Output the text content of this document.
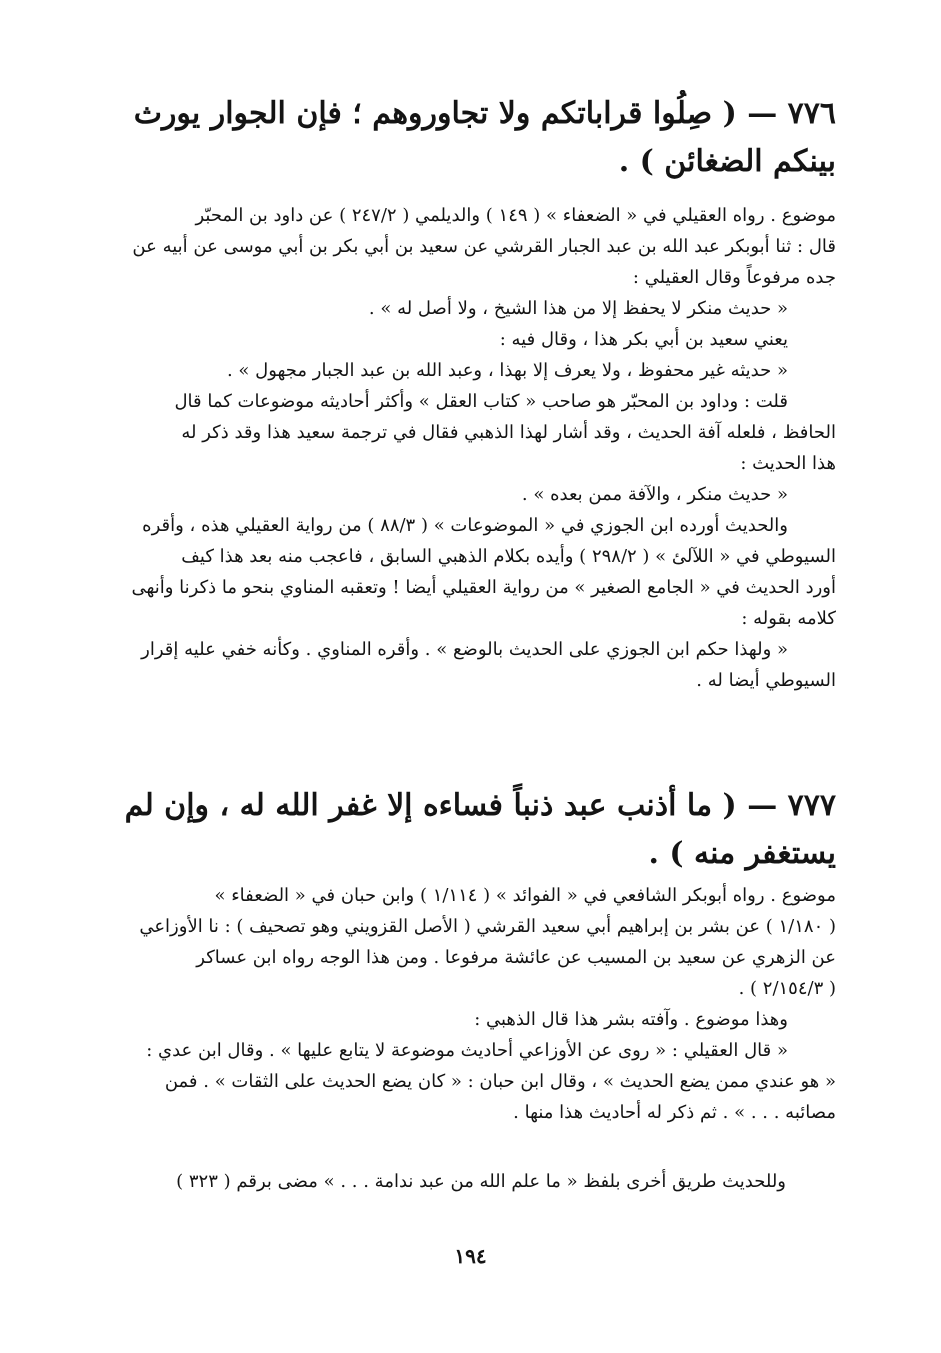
٧٧٦ — ( صِلُوا قراباتكم ولا تجاوروهم ؛ فإن الجوار يورث
بينكم الضغائن ) .
موضوع . رواه العقيلي في « الضعفاء » ( ١٤٩ ) والديلمي ( ٢٤٧/٢ ) عن داود بن المحبّر
قال : ثنا أبوبكر عبد الله بن عبد الجبار القرشي عن سعيد بن أبي بكر بن أبي موسى عن أبيه عن
جده مرفوعاً وقال العقيلي :
« حديث منكر لا يحفظ إلا من هذا الشيخ ، ولا أصل له » .
يعني سعيد بن أبي بكر هذا ، وقال فيه :
« حديثه غير محفوظ ، ولا يعرف إلا بهذا ، وعبد الله بن عبد الجبار مجهول » .
قلت : وداود بن المحبّر هو صاحب « كتاب العقل » وأكثر أحاديثه موضوعات كما قال
الحافظ ، فلعله آفة الحديث ، وقد أشار لهذا الذهبي فقال في ترجمة سعيد هذا وقد ذكر له
هذا الحديث :
« حديث منكر ، والآفة ممن بعده » .
والحديث أورده ابن الجوزي في « الموضوعات » ( ٨٨/٣ ) من رواية العقيلي هذه ، وأقره
السيوطي في « اللآلئ » ( ٢٩٨/٢ ) وأيده بكلام الذهبي السابق ، فاعجب منه بعد هذا كيف
أورد الحديث في « الجامع الصغير » من رواية العقيلي أيضا ! وتعقبه المناوي بنحو ما ذكرنا وأنهى
كلامه بقوله :
« ولهذا حكم ابن الجوزي على الحديث بالوضع » . وأقره المناوي . وكأنه خفي عليه إقرار
السيوطي أيضا له .
٧٧٧ — ( ما أذنب عبد ذنباً فساءه إلا غفر الله له ، وإن لم
يستغفر منه ) .
موضوع . رواه أبوبكر الشافعي في « الفوائد » ( ١/١١٤ ) وابن حبان في « الضعفاء »
( ١/١٨٠ ) عن بشر بن إبراهيم أبي سعيد القرشي ( الأصل القزويني وهو تصحيف ) : نا الأوزاعي
عن الزهري عن سعيد بن المسيب عن عائشة مرفوعا . ومن هذا الوجه رواه ابن عساكر
( ٢/١٥٤/٣ ) .
وهذا موضوع . وآفته بشر هذا قال الذهبي :
« قال العقيلي : « روى عن الأوزاعي أحاديث موضوعة لا يتابع عليها » . وقال ابن عدي :
« هو عندي ممن يضع الحديث » ، وقال ابن حبان : « كان يضع الحديث على الثقات » . فمن
مصائبه . . . » . ثم ذكر له أحاديث هذا منها .
وللحديث طريق أخرى بلفظ « ما علم الله من عبد ندامة . . . » مضى برقم ( ٣٢٣ )
١٩٤
